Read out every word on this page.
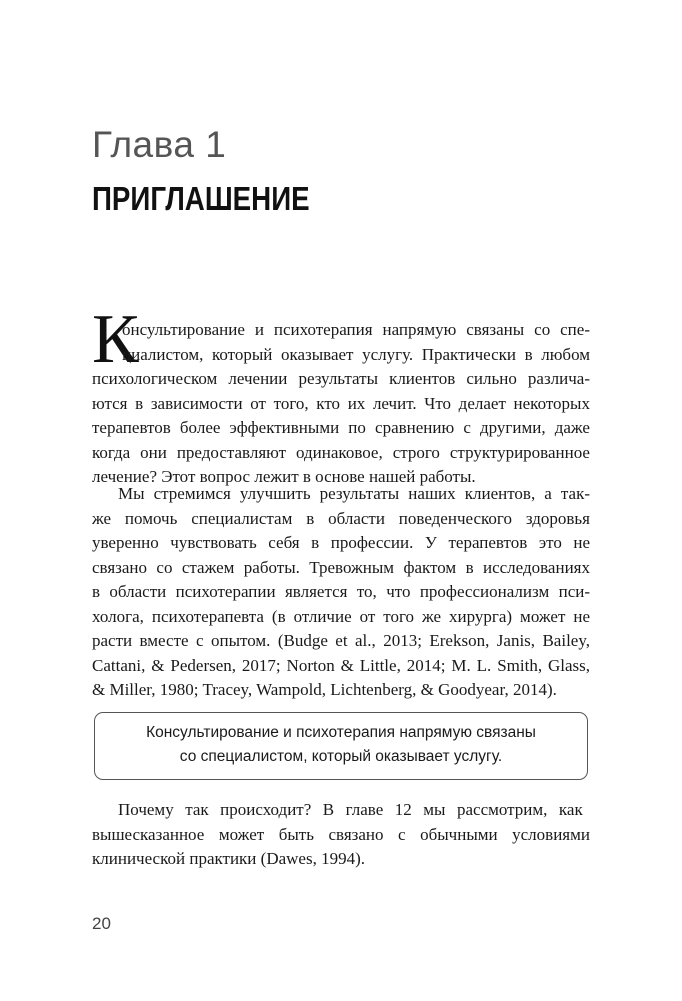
Глава 1
ПРИГЛАШЕНИЕ
К
онсультирование и психотерапия напрямую связаны со спе-
циалистом, который оказывает услугу. Практически в любом
психологическом лечении результаты клиентов сильно различа-
ются в зависимости от того, кто их лечит. Что делает некоторых
терапевтов более эффективными по сравнению с другими, даже
когда они предоставляют одинаковое, строго структурированное
лечение? Этот вопрос лежит в основе нашей работы.
Мы стремимся улучшить результаты наших клиентов, а так-
же помочь специалистам в области поведенческого здоровья
уверенно чувствовать себя в профессии. У терапевтов это не
связано со стажем работы. Тревожным фактом в исследованиях
в области психотерапии является то, что профессионализм пси-
холога, психотерапевта (в отличие от того же хирурга) может не
расти вместе с опытом. (Budge et al., 2013; Erekson, Janis, Bailey,
Cattani, & Pedersen, 2017; Norton & Little, 2014; M. L. Smith, Glass,
& Miller, 1980; Tracey, Wampold, Lichtenberg, & Goodyear, 2014).
Консультирование и психотерапия напрямую связаны
со специалистом, который оказывает услугу.
Почему так происходит? В главе 12 мы рассмотрим, как
вышесказанное может быть связано с обычными условиями
клинической практики (Dawes, 1994).
20
